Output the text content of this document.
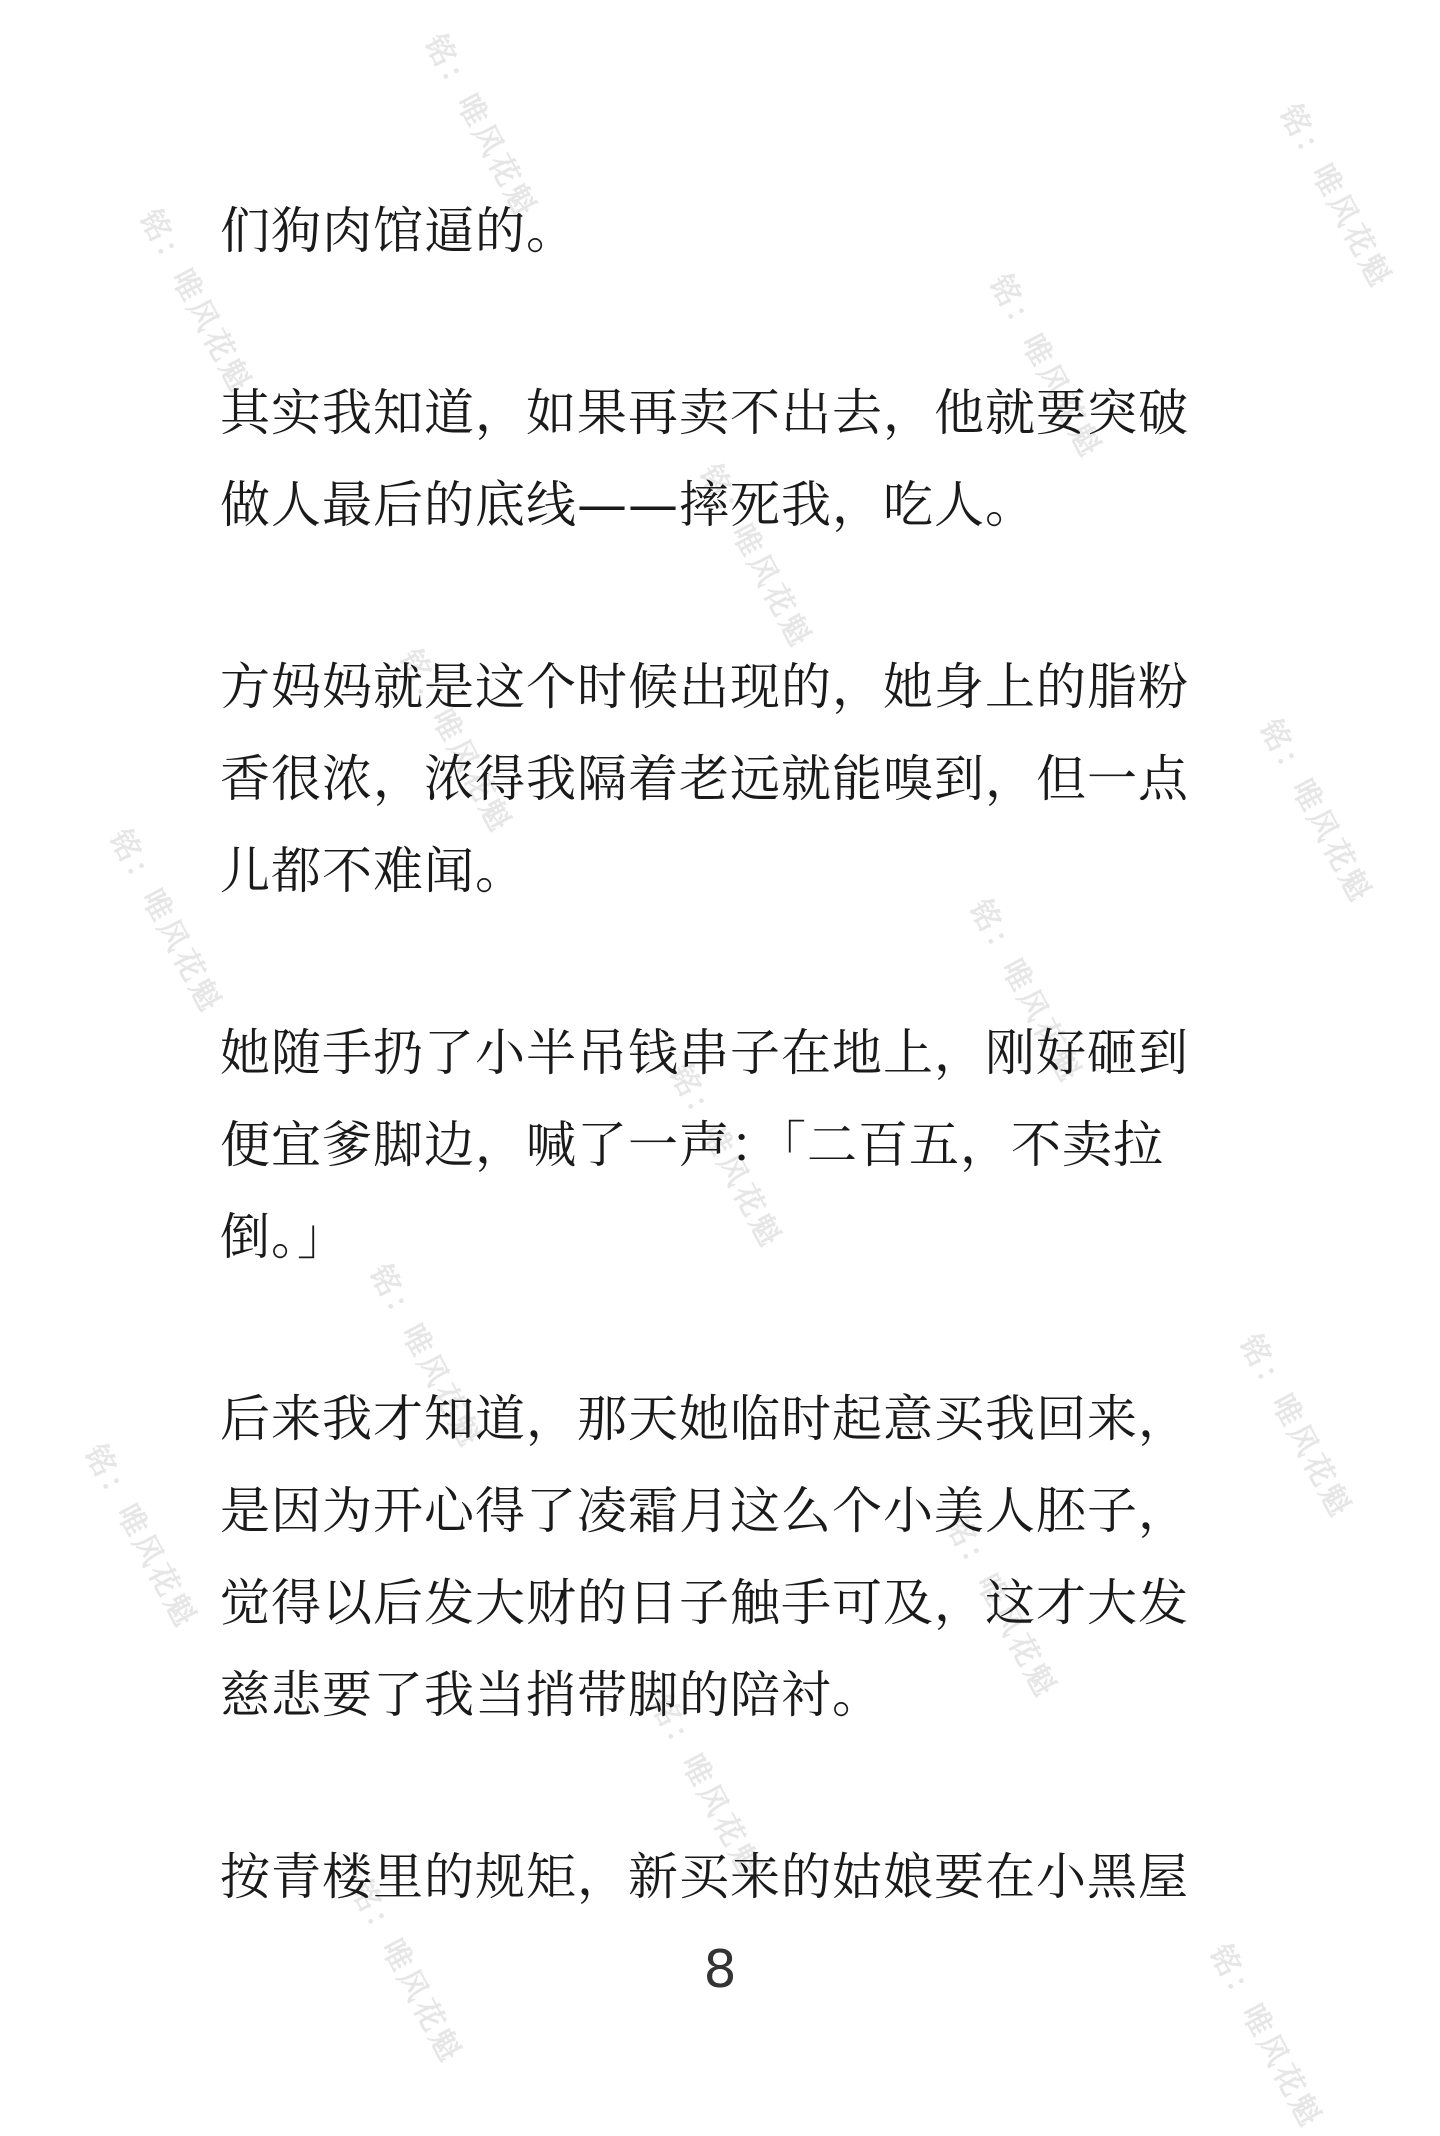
铭：唯风花魁	铭：唯风花魁
铭：唯风花魁	铭：唯风花魁
铭：唯风花魁
铭：唯风花魁	铭：唯风花魁
铭：唯风花魁	铭：唯风花魁
铭：唯风花魁
铭：唯风花魁	铭：唯风花魁
铭：唯风花魁	铭：唯风花魁
铭：唯风花魁
铭：唯风花魁	铭：唯风花魁

们狗肉馆逼的。

其实我知道，如果再卖不出去，他就要突破做人最后的底线——摔死我，吃人。

方妈妈就是这个时候出现的，她身上的脂粉香很浓，浓得我隔着老远就能嗅到，但一点儿都不难闻。

她随手扔了小半吊钱串子在地上，刚好砸到便宜爹脚边，喊了一声：「二百五，不卖拉倒。」

后来我才知道，那天她临时起意买我回来，是因为开心得了凌霜月这么个小美人胚子，觉得以后发大财的日子触手可及，这才大发慈悲要了我当捎带脚的陪衬。

按青楼里的规矩，新买来的姑娘要在小黑屋

8
